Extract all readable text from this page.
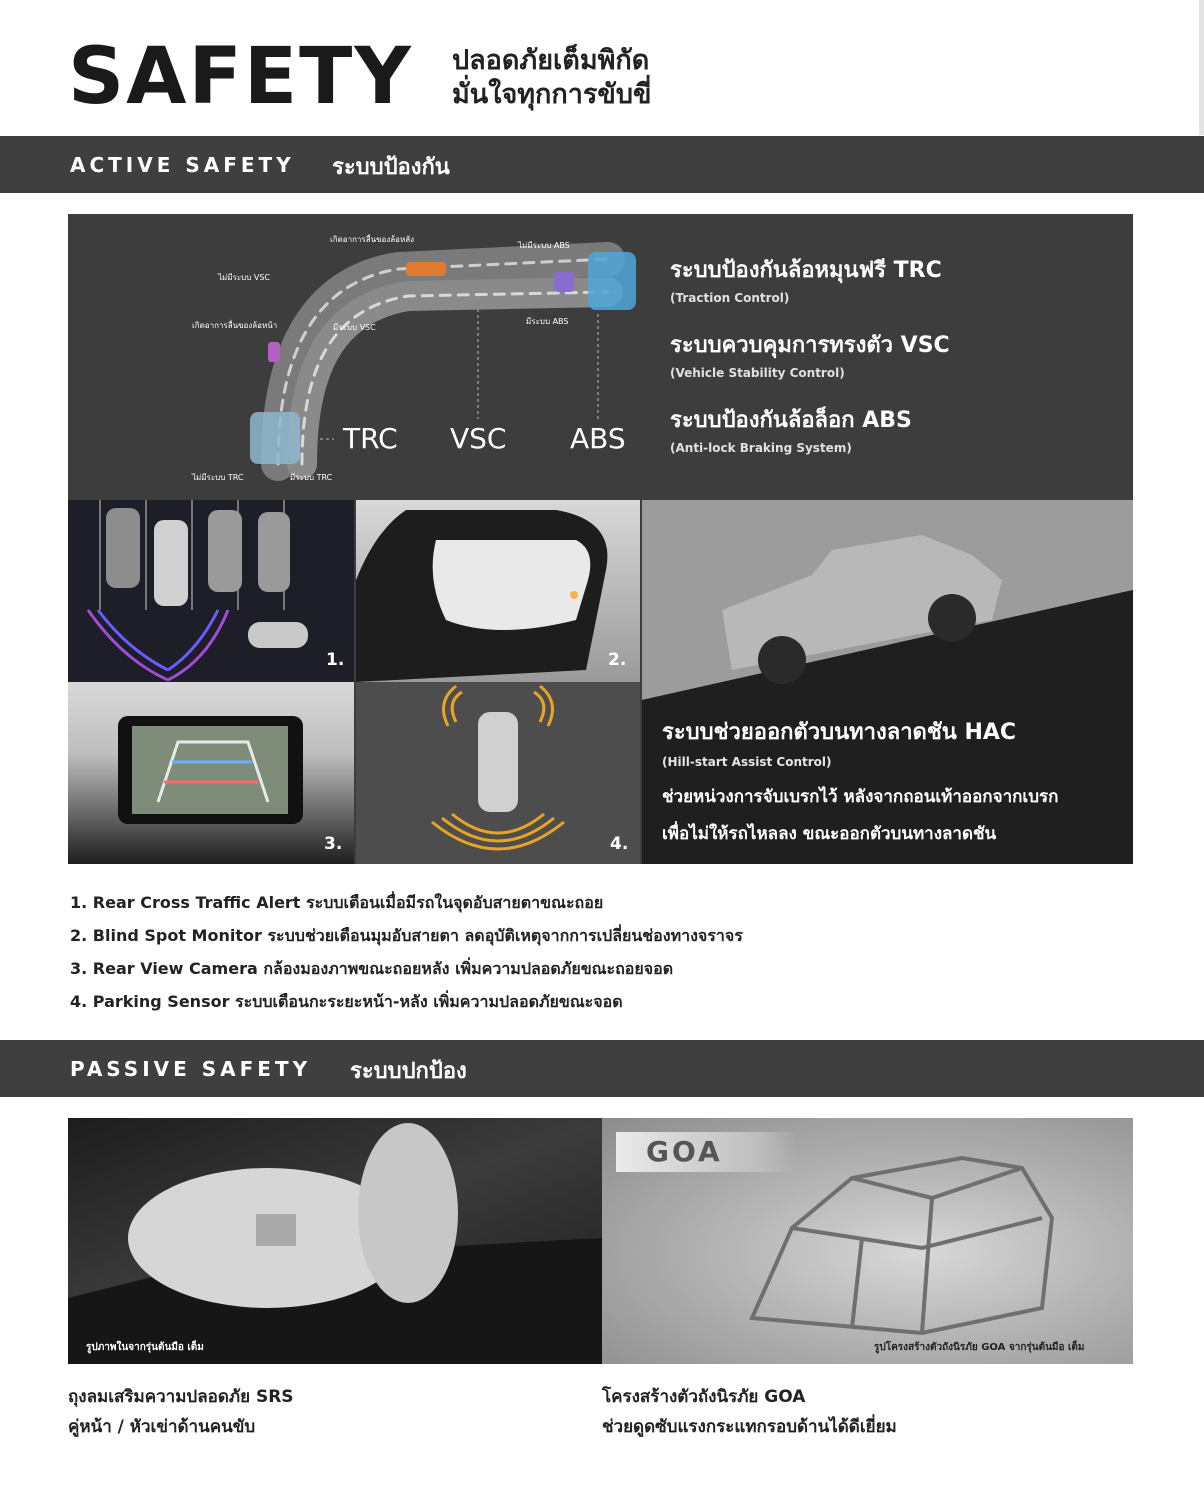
SAFETY ปลอดภัยเต็มพิกัด
มั่นใจทุกการขับขี่
ACTIVE SAFETY ระบบป้องกัน
TRC VSC ABS
ไม่มีระบบ VSC
เกิดอาการลื่นของล้อหลัง
เกิดอาการลื่นของล้อหน้า	มีระบบ VSC
ไม่มีระบบ ABS
มีระบบ ABS
ไม่มีระบบ TRC	มีระบบ TRC
ระบบป้องกันล้อหมุนฟรี TRC
(Traction Control)
ระบบควบคุมการทรงตัว VSC
(Vehicle Stability Control)
ระบบป้องกันล้อล็อก ABS
(Anti-lock Braking System)
1.	2.
3.	4.
ระบบช่วยออกตัวบนทางลาดชัน HAC
(Hill-start Assist Control)
ช่วยหน่วงการจับเบรกไว้ หลังจากถอนเท้าออกจากเบรก
เพื่อไม่ให้รถไหลลง ขณะออกตัวบนทางลาดชัน
1. Rear Cross Traffic Alert ระบบเตือนเมื่อมีรถในจุดอับสายตาขณะถอย
2. Blind Spot Monitor ระบบช่วยเตือนมุมอับสายตา ลดอุบัติเหตุจากการเปลี่ยนช่องทางจราจร
3. Rear View Camera กล้องมองภาพขณะถอยหลัง เพิ่มความปลอดภัยขณะถอยจอด
4. Parking Sensor ระบบเตือนกะระยะหน้า-หลัง เพิ่มความปลอดภัยขณะจอด
PASSIVE SAFETY ระบบปกป้อง
รูปภาพในจากรุ่นต้นมือ เต็ม
GOA
รูปโครงสร้างตัวถังนิรภัย GOA จากรุ่นต้นมือ เต็ม
ถุงลมเสริมความปลอดภัย SRS
คู่หน้า / หัวเข่าด้านคนขับ
โครงสร้างตัวถังนิรภัย GOA
ช่วยดูดซับแรงกระแทกรอบด้านได้ดีเยี่ยม
